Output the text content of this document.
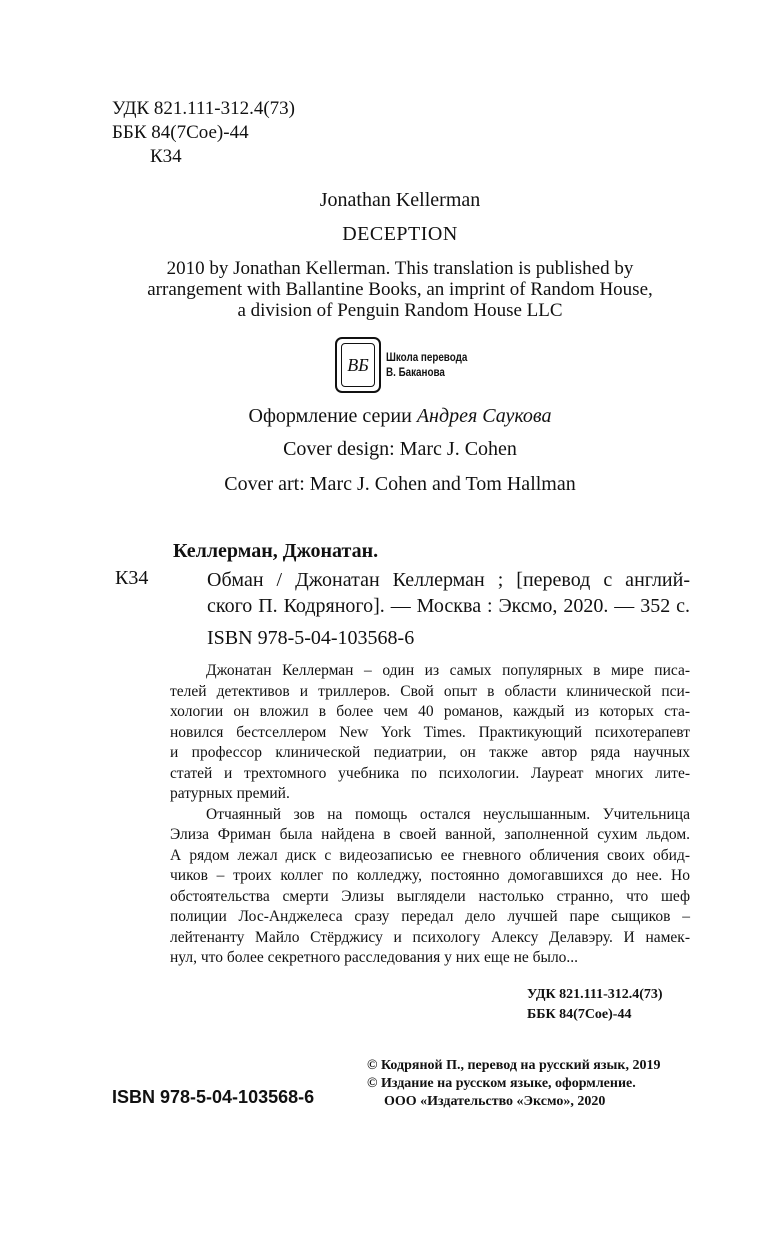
УДК 821.111-312.4(73)
ББК 84(7Сое)-44
К34
Jonathan Kellerman
DECEPTION
2010 by Jonathan Kellerman. This translation is published by
arrangement with Ballantine Books, an imprint of Random House,
a division of Penguin Random House LLC
ВБ	Школа перевода
В. Баканова
Оформление серии Андрея Саукова
Cover design: Marc J. Cohen
Cover art: Marc J. Cohen and Tom Hallman
Келлерман, Джонатан.
К34	Обман / Джонатан Келлерман ; [перевод с англий-
ского П. Кодряного]. — Москва : Эксмо, 2020. — 352 с.
ISBN 978-5-04-103568-6

Джонатан Келлерман – один из самых популярных в мире писа-
телей детективов и триллеров. Свой опыт в области клинической пси-
хологии он вложил в более чем 40 романов, каждый из которых ста-
новился бестселлером New York Times. Практикующий психотерапевт
и профессор клинической педиатрии, он также автор ряда научных
статей и трехтомного учебника по психологии. Лауреат многих лите-
ратурных премий.

Отчаянный зов на помощь остался неуслышанным. Учительница
Элиза Фриман была найдена в своей ванной, заполненной сухим льдом.
А рядом лежал диск с видеозаписью ее гневного обличения своих обид-
чиков – троих коллег по колледжу, постоянно домогавшихся до нее. Но
обстоятельства смерти Элизы выглядели настолько странно, что шеф
полиции Лос-Анджелеса сразу передал дело лучшей паре сыщиков –
лейтенанту Майло Стёрджису и психологу Алексу Делавэру. И намек-
нул, что более секретного расследования у них еще не было...

УДК 821.111-312.4(73)
ББК 84(7Сое)-44
© Кодряной П., перевод на русский язык, 2019
© Издание на русском языке, оформление.
ООО «Издательство «Эксмо», 2020
ISBN 978-5-04-103568-6
